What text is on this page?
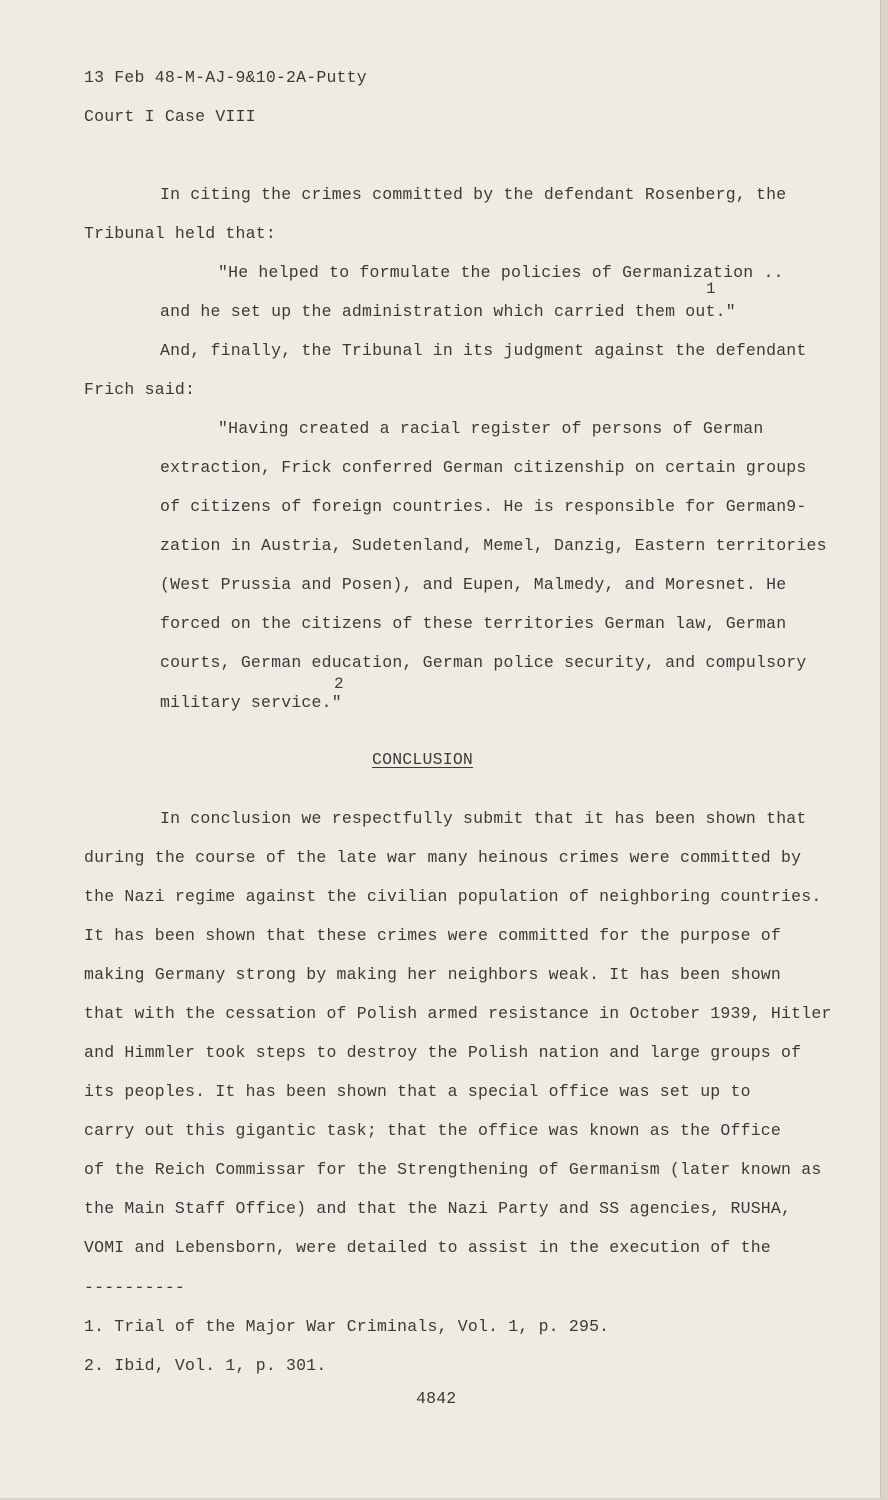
13 Feb 48-M-AJ-9&10-2A-Putty
Court I Case VIII
In citing the crimes committed by the defendant Rosenberg, the
Tribunal held that:
"He helped to formulate the policies of Germanization ..
1
and he set up the administration which carried them out."
And, finally, the Tribunal in its judgment against the defendant
Frich said:
"Having created a racial register of persons of German
extraction, Frick conferred German citizenship on certain groups
of citizens of foreign countries. He is responsible for German9-
zation in Austria, Sudetenland, Memel, Danzig, Eastern territories
(West Prussia and Posen), and Eupen, Malmedy, and Moresnet. He
forced on the citizens of these territories German law, German
courts, German education, German police security, and compulsory
2
military service."
CONCLUSION
In conclusion we respectfully submit that it has been shown that
during the course of the late war many heinous crimes were committed by
the Nazi regime against the civilian population of neighboring countries.
It has been shown that these crimes were committed for the purpose of
making Germany strong by making her neighbors weak. It has been shown
that with the cessation of Polish armed resistance in October 1939, Hitler
and Himmler took steps to destroy the Polish nation and large groups of
its peoples. It has been shown that a special office was set up to
carry out this gigantic task; that the office was known as the Office
of the Reich Commissar for the Strengthening of Germanism (later known as
the Main Staff Office) and that the Nazi Party and SS agencies, RUSHA,
VOMI and Lebensborn, were detailed to assist in the execution of the
----------
1. Trial of the Major War Criminals, Vol. 1, p. 295.
2. Ibid, Vol. 1, p. 301.
4842
